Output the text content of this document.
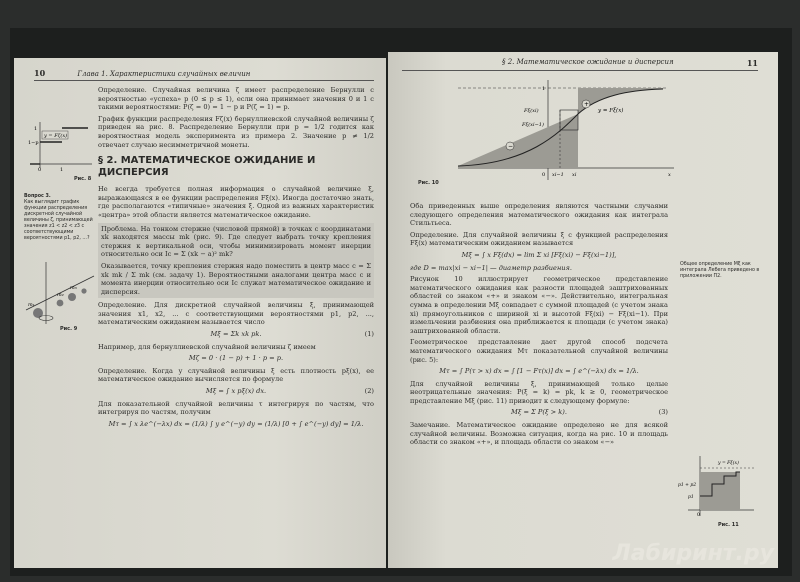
10	Глава 1. Характеристики случайных величин
y = Fζ(x)
1
1−p
0	1
Рис. 8
Вопрос 3.
Как выглядит график функции распределения дискретной случайной величины ζ, принимающей значения z1 < z2 < z3 с соответствующими вероятностями p1, p2, ...?
m₁
m₂
m₃
Рис. 9

Определение. Случайная величина ζ имеет распределение Бернулли с вероятностью «успеха» p (0 ≤ p ≤ 1), если она принимает значения 0 и 1 с такими вероятностями: P(ζ = 0) = 1 − p и P(ζ = 1) = p.

График функции распределения Fζ(x) бернуллиевской случайной величины ζ приведен на рис. 8. Распределение Бернулли при p = 1/2 годится как вероятностная модель эксперимента из примера 2. Значение p ≠ 1/2 отвечает случаю несимметричной монеты.

§ 2. МАТЕМАТИЧЕСКОЕ ОЖИДАНИЕ И ДИСПЕРСИЯ

Не всегда требуется полная информация о случайной величине ξ, выражающаяся в ее функции распределения Fξ(x). Иногда достаточно знать, где располагаются «типичные» значения ξ. Одной из важных характеристик «центра» этой области является математическое ожидание.

Проблема. На тонком стержне (числовой прямой) в точках с координатами xk находятся массы mk (рис. 9). Где следует выбрать точку крепления стержня к вертикальной оси, чтобы минимизировать момент инерции относительно оси Ic = Σ (xk − a)² mk?

Оказывается, точку крепления стержня надо поместить в центр масс c = Σ xk mk / Σ mk (см. задачу 1). Вероятностными аналогами центра масс c и момента инерции относительно оси Ic служат математическое ожидание и дисперсия.

Определение. Для дискретной случайной величины ξ, принимающей значения x1, x2, ... с соответствующими вероятностями p1, p2, ..., математическим ожиданием называется число

Mξ = Σk xk pk.	(1)

Например, для бернуллиевской случайной величины ζ имеем

Mζ = 0 · (1 − p) + 1 · p = p.

Определение. Когда у случайной величины ξ есть плотность pξ(x), ее математическое ожидание вычисляется по формуле

Mξ = ∫ x pξ(x) dx.	(2)

Для показательной случайной величины τ интегрируя по частям, что интегрируя по частям, получим

Mτ = ∫ x λe^(−λx) dx = (1/λ) ∫ y e^(−y) dy = (1/λ) [0 + ∫ e^(−y) dy] = 1/λ.
§ 2. Математическое ожидание и дисперсия	11
+
−
Fξ(xi)
Fξ(xi−1)
y = Fξ(x)
xi−1 xi
0
1
x
Рис. 10

Оба приведенных выше определения являются частными случаями следующего определения математического ожидания как интеграла Стильтьеса.

Определение. Для случайной величины ξ с функцией распределения Fξ(x) математическим ожиданием называется

Mξ = ∫ x Fξ(dx) = lim Σ xi [Fξ(xi) − Fξ(xi−1)],

где D = max|xi − xi−1| — диаметр разбиения.

Рисунок 10 иллюстрирует геометрическое представление математического ожидания как разности площадей заштрихованных областей со знаком «+» и знаком «−». Действительно, интегральная сумма в определении Mξ совпадает с суммой площадей (с учетом знака xi) прямоугольников с шириной xi и высотой Fξ(xi) − Fξ(xi−1). При измельчении разбиения она приближается к площади (с учетом знака) заштрихованной области.

Геометрическое представление дает другой способ подсчета математического ожидания Mτ показательной случайной величины (рис. 5):

Mτ = ∫ P(τ > x) dx = ∫ [1 − Fτ(x)] dx = ∫ e^(−λx) dx = 1/λ.

Для случайной величины ξ, принимающей только целые неотрицательные значения: P(ξ = k) = pk, k ≥ 0, геометрическое представление Mξ (рис. 11) приводит к следующему формуле:

Mξ = Σ P(ξ > k).	(3)

Замечание. Математическое ожидание определено не для всякой случайной величины. Возможна ситуация, когда на рис. 10 и площадь области со знаком «+», и площадь области со знаком «−»

Общее определение Mξ как интеграла Лебега приведено в приложении П2.
p1 + p2
p1
y = Fξ(x)
0
Рис. 11
Лабиринт.ру
